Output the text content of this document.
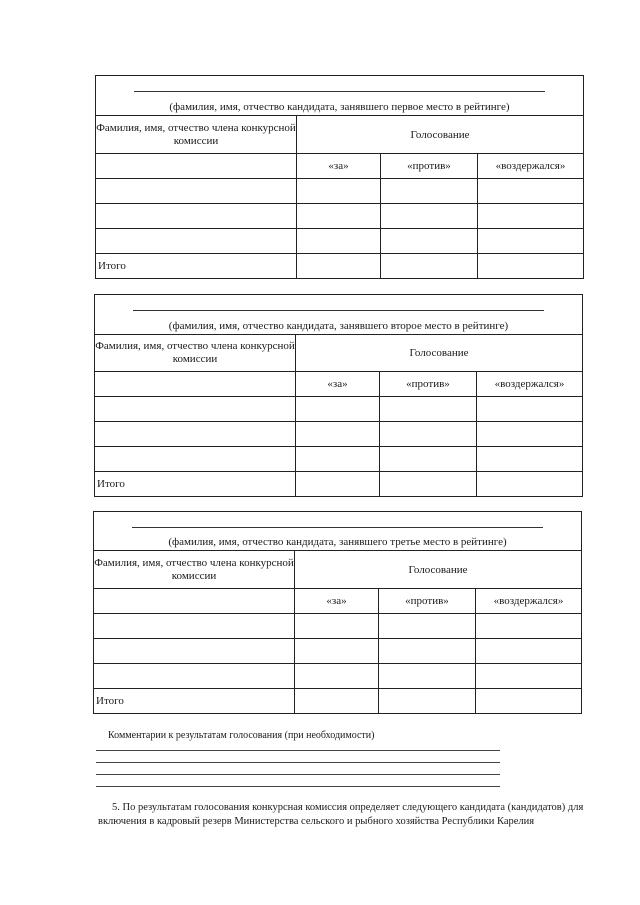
(фамилия, имя, отчество кандидата, занявшего первое место в рейтинге)			

Фамилия, имя, отчество члена конкурсной комиссии	Голосование		
	«за»	«против»	«воздержался»

Итого			
(фамилия, имя, отчество кандидата, занявшего второе место в рейтинге)			

Фамилия, имя, отчество члена конкурсной комиссии	Голосование		
	«за»	«против»	«воздержался»

Итого			
(фамилия, имя, отчество кандидата, занявшего третье место в рейтинге)			

Фамилия, имя, отчество члена конкурсной комиссии	Голосование		
	«за»	«против»	«воздержался»

Итого			
Комментарии к результатам голосования (при необходимости)
5. По результатам голосования конкурсная комиссия определяет следующего кандидата (кандидатов) для включения в кадровый резерв Министерства сельского и рыбного хозяйства Республики Карелия
